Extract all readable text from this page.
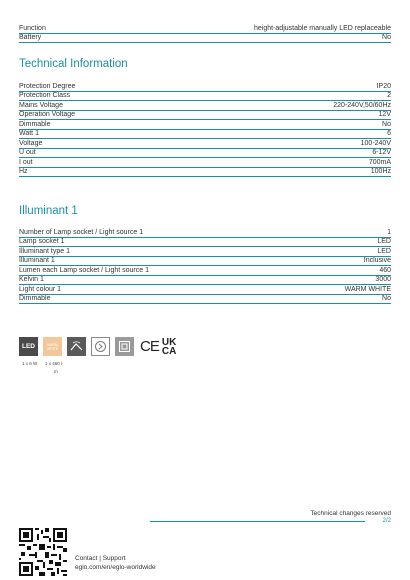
Function	height-adjustable manually LED replaceable
Battery	No
Technical Information
Protection Degree	IP20
Protection Class	2
Mains Voltage	220-240V,50/60Hz
Operation Voltage	12V
Dimmable	No
Watt 1	6
Voltage	100-240V
U out	6-12V
I out	700mA
Hz	100Hz
Illuminant 1
Number of Lamp socket / Light source 1	1
Lamp socket 1	LED
Illuminant type 1	LED
Illuminant 1	Inclusive
Lumen each Lamp socket / Light source 1	460
Kelvin 1	3000
Light colour 1	WARM WHITE
Dimmable	No
LED	WARM
WHITE	CE UK
CA
1 x 6 W 1 x 460 l
m
Technical changes reserved
2/2
Contact | Support
eglo.com/en/eglo-worldwide
